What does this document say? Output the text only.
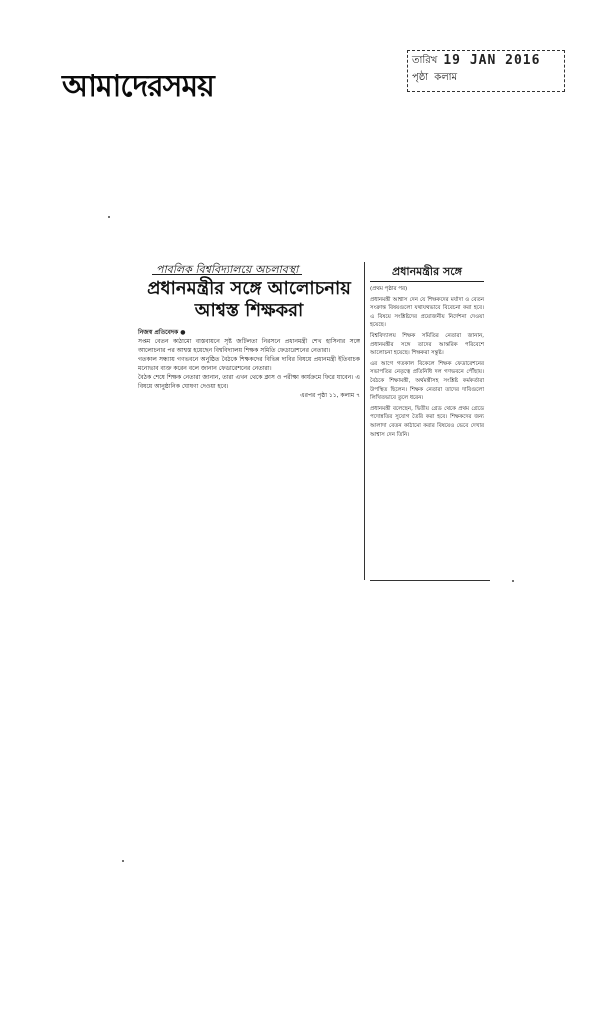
আমাদেরসময়
তারিখ 19 JAN 2016
পৃষ্ঠা কলাম
পাবলিক বিশ্ববিদ্যালয়ে অচলাবস্থা
প্রধানমন্ত্রীর সঙ্গে আলোচনায়
আশ্বস্ত শিক্ষকরা

নিজস্ব প্রতিবেদক ●

সপ্তম বেতন কাঠামো বাস্তবায়নে সৃষ্ট জটিলতা নিরসনে প্রধানমন্ত্রী শেখ হাসিনার সঙ্গে আলোচনার পর আশ্বস্ত হয়েছেন বিশ্ববিদ্যালয় শিক্ষক সমিতি ফেডারেশনের নেতারা।

গতকাল সন্ধ্যায় গণভবনে অনুষ্ঠিত বৈঠকে শিক্ষকদের বিভিন্ন দাবির বিষয়ে প্রধানমন্ত্রী ইতিবাচক মনোভাব ব্যক্ত করেন বলে জানান ফেডারেশনের নেতারা।

বৈঠক শেষে শিক্ষক নেতারা জানান, তারা এখন থেকে ক্লাস ও পরীক্ষা কার্যক্রমে ফিরে যাবেন। এ বিষয়ে আনুষ্ঠানিক ঘোষণা দেওয়া হবে।

এরপর পৃষ্ঠা ১১, কলাম ৭

প্রধানমন্ত্রীর সঙ্গে

(প্রথম পৃষ্ঠার পর)

প্রধানমন্ত্রী আশ্বাস দেন যে শিক্ষকদের মর্যাদা ও বেতন সংক্রান্ত বিষয়গুলো যথাযথভাবে বিবেচনা করা হবে। এ বিষয়ে সংশ্লিষ্টদের প্রয়োজনীয় নির্দেশনা দেওয়া হয়েছে।

বিশ্ববিদ্যালয় শিক্ষক সমিতির নেতারা জানান, প্রধানমন্ত্রীর সঙ্গে তাদের আন্তরিক পরিবেশে আলোচনা হয়েছে। শিক্ষকরা সন্তুষ্ট।

এর আগে গতকাল বিকেলে শিক্ষক ফেডারেশনের সভাপতির নেতৃত্বে প্রতিনিধি দল গণভবনে পৌঁছায়। বৈঠকে শিক্ষামন্ত্রী, অর্থমন্ত্রীসহ সংশ্লিষ্ট কর্মকর্তারা উপস্থিত ছিলেন। শিক্ষক নেতারা তাদের দাবিগুলো লিখিতভাবে তুলে ধরেন।

প্রধানমন্ত্রী বলেছেন, দ্বিতীয় গ্রেড থেকে প্রথম গ্রেডে পদোন্নতির সুযোগ তৈরি করা হবে। শিক্ষকদের জন্য আলাদা বেতন কাঠামো করার বিষয়েও ভেবে দেখার আশ্বাস দেন তিনি।
